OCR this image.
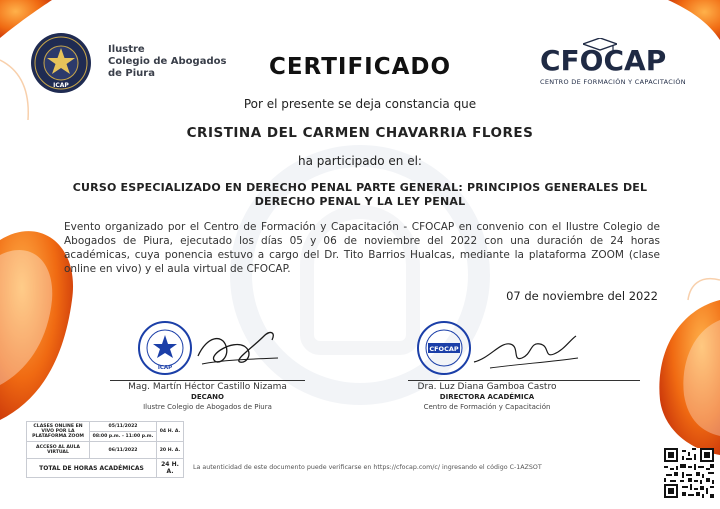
ICAP
Ilustre
Colegio de Abogados
de Piura	CERTIFICADO	CFOCAP
CENTRO DE FORMACIÓN Y CAPACITACIÓN
Por el presente se deja constancia que
CRISTINA DEL CARMEN CHAVARRIA FLORES
ha participado en el:
CURSO ESPECIALIZADO EN DERECHO PENAL PARTE GENERAL: PRINCIPIOS GENERALES DEL
DERECHO PENAL Y LA LEY PENAL
Evento organizado por el Centro de Formación y Capacitación - CFOCAP en convenio con el Ilustre Colegio de Abogados de Piura, ejecutado los días 05 y 06 de noviembre del 2022 con una duración de 24 horas académicas, cuya ponencia estuvo a cargo del Dr. Tito Barrios Hualcas, mediante la plataforma ZOOM (clase online en vivo) y el aula virtual de CFOCAP.
07 de noviembre del 2022
ICAP
Mag. Martín Héctor Castillo Nizama
DECANO
Ilustre Colegio de Abogados de Piura
CFOCAP
Dra. Luz Diana Gamboa Castro
DIRECTORA ACADÉMICA
Centro de Formación y Capacitación
CLASES ONLINE EN VIVO POR LA PLATAFORMA ZOOM	05/11/2022	04 H. A.
	08:00 p.m. - 11:00 p.m.	
ACCESO AL AULA VIRTUAL	06/11/2022	20 H. A.
TOTAL DE HORAS ACADÉMICAS		24 H. A.
La autenticidad de este documento puede verificarse en https://cfocap.com/c/ ingresando el código C-1AZSOT
